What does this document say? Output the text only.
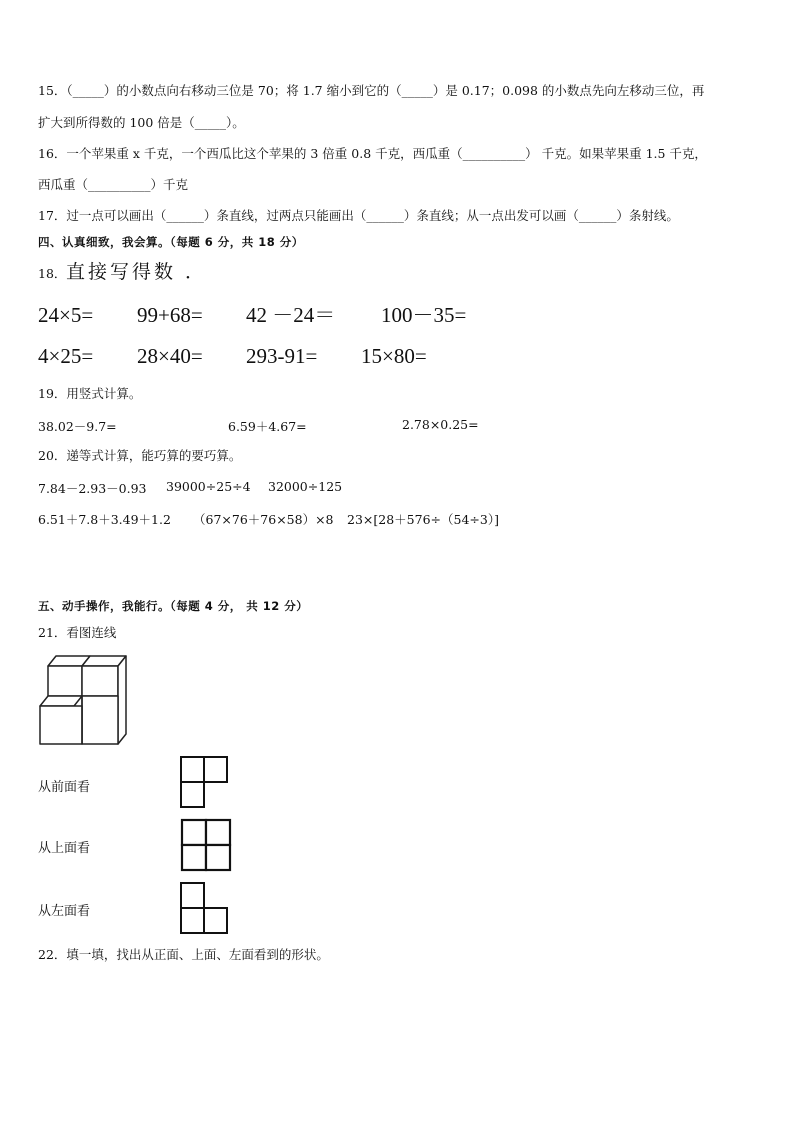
15．（_____）的小数点向右移动三位是 70；将 1.7 缩小到它的（_____）是 0.17；0.098 的小数点先向左移动三位，再
扩大到所得数的 100 倍是（_____）。
16．一个苹果重 x 千克，一个西瓜比这个苹果的 3 倍重 0.8 千克，西瓜重（__________） 千克。如果苹果重 1.5 千克，
西瓜重（__________）千克
17．过一点可以画出（______）条直线，过两点只能画出（______）条直线；从一点出发可以画（______）条射线。
四、认真细致，我会算。（每题 6 分，共 18 分）
18． 直接写得数 ．
24×5= 99+68= 42 －24＝ 100－35=
4×25= 28×40= 293-91= 15×80=
19．用竖式计算。
38.02－9.7=	6.59＋4.67=	2.78×0.25=
20．递等式计算，能巧算的要巧算。
7.84－2.93－0.93 39000÷25÷4 32000÷125
6.51＋7.8＋3.49＋1.2 （67×76＋76×58）×8 23×[28＋576÷（54÷3）]
五、动手操作，我能行。（每题 4 分， 共 12 分）
21．看图连线
从前面看
从上面看
从左面看
22．填一填，找出从正面、上面、左面看到的形状。
